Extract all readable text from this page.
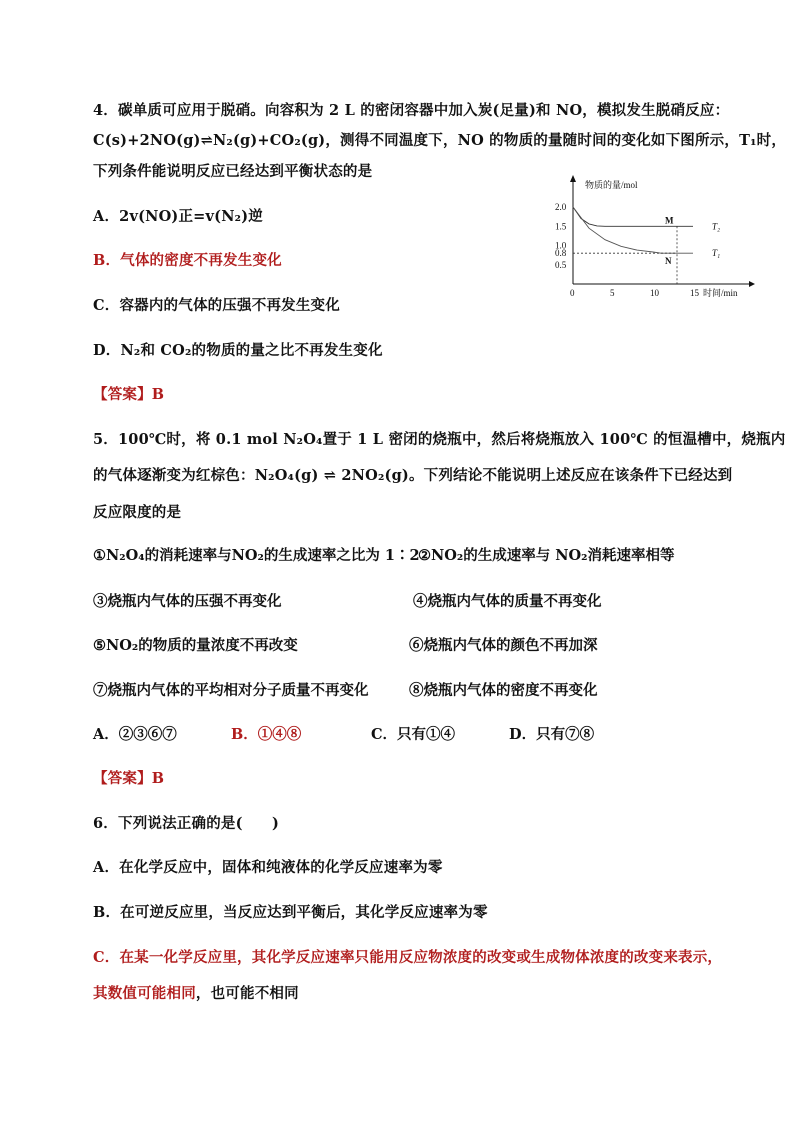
4．碳单质可应用于脱硝。向容积为 2 L 的密闭容器中加入炭(足量)和 NO，模拟发生脱硝反应：
C(s)+2NO(g)⇌N₂(g)+CO₂(g)，测得不同温度下，NO 的物质的量随时间的变化如下图所示，T₁时，
下列条件能说明反应已经达到平衡状态的是
A．2v(NO)正=v(N₂)逆
B．气体的密度不再发生变化
C．容器内的气体的压强不再发生变化
D．N₂和 CO₂的物质的量之比不再发生变化
【答案】B
物质的量/mol
时间/min
2.0
1.5
1.0
0.8
0.5
0	5	10	15
T₂
T₁
M
N
5．100℃时，将 0.1 mol N₂O₄置于 1 L 密闭的烧瓶中，然后将烧瓶放入 100℃ 的恒温槽中，烧瓶内
的气体逐渐变为红棕色：N₂O₄(g) ⇌ 2NO₂(g)。下列结论不能说明上述反应在该条件下已经达到
反应限度的是
①N₂O₄的消耗速率与NO₂的生成速率之比为 1∶2
②NO₂的生成速率与 NO₂消耗速率相等
③烧瓶内气体的压强不再变化	④烧瓶内气体的质量不再变化
⑤NO₂的物质的量浓度不再改变	⑥烧瓶内气体的颜色不再加深
⑦烧瓶内气体的平均相对分子质量不再变化	⑧烧瓶内气体的密度不再变化
A．②③⑥⑦	B．①④⑧	C．只有①④	D．只有⑦⑧
【答案】B
6．下列说法正确的是(　　)
A．在化学反应中，固体和纯液体的化学反应速率为零
B．在可逆反应里，当反应达到平衡后，其化学反应速率为零
C．在某一化学反应里，其化学反应速率只能用反应物浓度的改变或生成物体浓度的改变来表示，
其数值可能相同，也可能不相同
